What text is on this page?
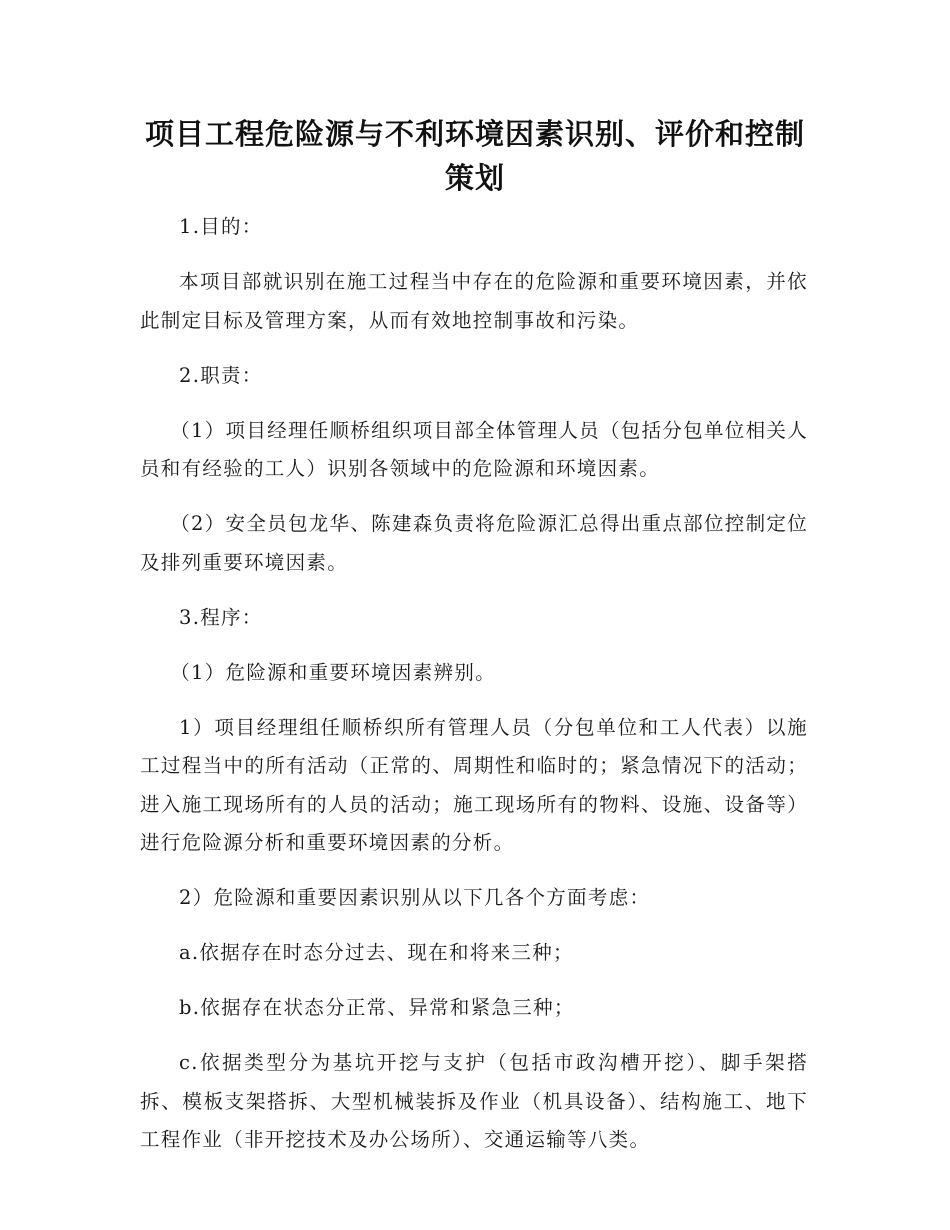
项目工程危险源与不利环境因素识别、评价和控制策划

1.目的：

本项目部就识别在施工过程当中存在的危险源和重要环境因素，并依此制定目标及管理方案，从而有效地控制事故和污染。

2.职责：

（1）项目经理任顺桥组织项目部全体管理人员（包括分包单位相关人员和有经验的工人）识别各领域中的危险源和环境因素。

（2）安全员包龙华、陈建森负责将危险源汇总得出重点部位控制定位及排列重要环境因素。

3.程序：

（1）危险源和重要环境因素辨别。

1）项目经理组任顺桥织所有管理人员（分包单位和工人代表）以施工过程当中的所有活动（正常的、周期性和临时的；紧急情况下的活动；进入施工现场所有的人员的活动；施工现场所有的物料、设施、设备等）进行危险源分析和重要环境因素的分析。

2）危险源和重要因素识别从以下几各个方面考虑：

a.依据存在时态分过去、现在和将来三种；

b.依据存在状态分正常、异常和紧急三种；

c.依据类型分为基坑开挖与支护（包括市政沟槽开挖）、脚手架搭拆、模板支架搭拆、大型机械装拆及作业（机具设备）、结构施工、地下工程作业（非开挖技术及办公场所）、交通运输等八类。
